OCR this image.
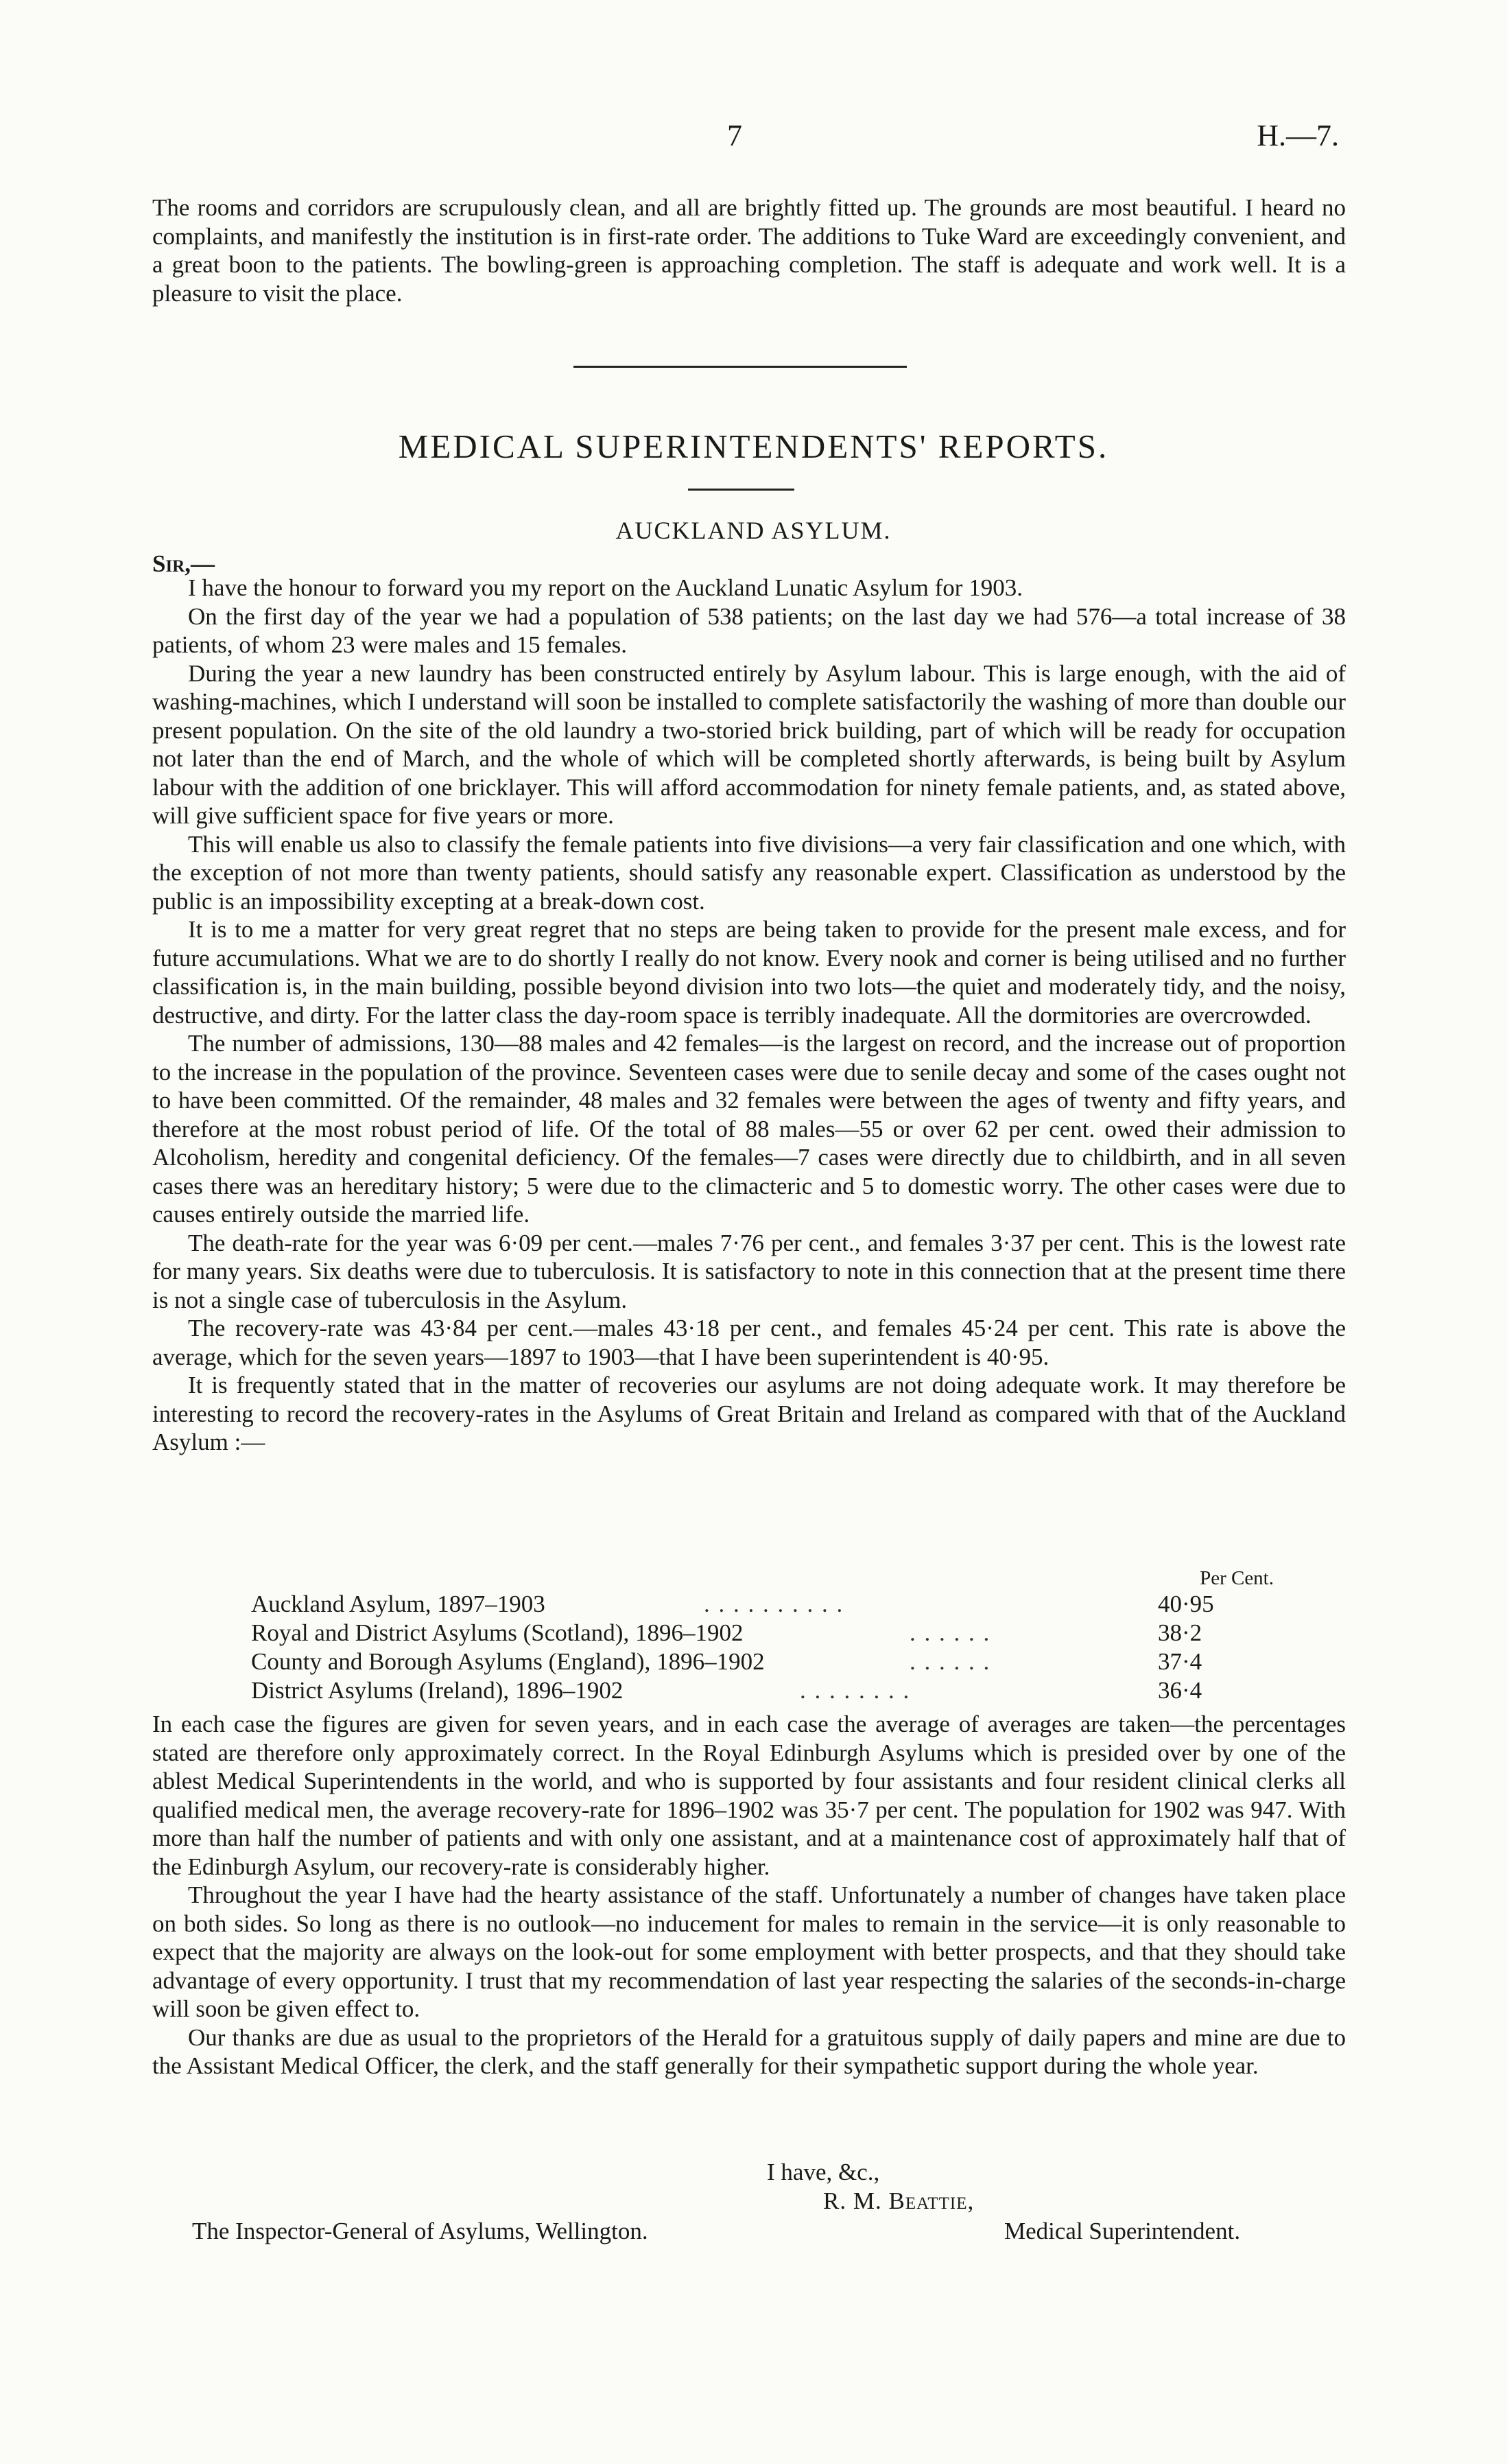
7	H.—7.

The rooms and corridors are scrupulously clean, and all are brightly fitted up. The grounds are most beautiful. I heard no complaints, and manifestly the institution is in first-rate order. The additions to Tuke Ward are exceedingly convenient, and a great boon to the patients. The bowling-green is approaching completion. The staff is adequate and work well. It is a pleasure to visit the place.

MEDICAL SUPERINTENDENTS' REPORTS.
AUCKLAND ASYLUM.
Sir,—

I have the honour to forward you my report on the Auckland Lunatic Asylum for 1903.

On the first day of the year we had a population of 538 patients; on the last day we had 576—a total increase of 38 patients, of whom 23 were males and 15 females.

During the year a new laundry has been constructed entirely by Asylum labour. This is large enough, with the aid of washing-machines, which I understand will soon be installed to complete satisfactorily the washing of more than double our present population. On the site of the old laundry a two-storied brick building, part of which will be ready for occupation not later than the end of March, and the whole of which will be completed shortly afterwards, is being built by Asylum labour with the addition of one bricklayer. This will afford accommodation for ninety female patients, and, as stated above, will give sufficient space for five years or more.

This will enable us also to classify the female patients into five divisions—a very fair classification and one which, with the exception of not more than twenty patients, should satisfy any reasonable expert. Classification as understood by the public is an impossibility excepting at a break-down cost.

It is to me a matter for very great regret that no steps are being taken to provide for the present male excess, and for future accumulations. What we are to do shortly I really do not know. Every nook and corner is being utilised and no further classification is, in the main building, possible beyond division into two lots—the quiet and moderately tidy, and the noisy, destructive, and dirty. For the latter class the day-room space is terribly inadequate. All the dormitories are overcrowded.

The number of admissions, 130—88 males and 42 females—is the largest on record, and the increase out of proportion to the increase in the population of the province. Seventeen cases were due to senile decay and some of the cases ought not to have been committed. Of the remainder, 48 males and 32 females were between the ages of twenty and fifty years, and therefore at the most robust period of life. Of the total of 88 males—55 or over 62 per cent. owed their admission to Alcoholism, heredity and congenital deficiency. Of the females—7 cases were directly due to childbirth, and in all seven cases there was an hereditary history; 5 were due to the climacteric and 5 to domestic worry. The other cases were due to causes entirely outside the married life.

The death-rate for the year was 6·09 per cent.—males 7·76 per cent., and females 3·37 per cent. This is the lowest rate for many years. Six deaths were due to tuberculosis. It is satisfactory to note in this connection that at the present time there is not a single case of tuberculosis in the Asylum.

The recovery-rate was 43·84 per cent.—males 43·18 per cent., and females 45·24 per cent. This rate is above the average, which for the seven years—1897 to 1903—that I have been superintendent is 40·95.

It is frequently stated that in the matter of recoveries our asylums are not doing adequate work. It may therefore be interesting to record the recovery-rates in the Asylums of Great Britain and Ireland as compared with that of the Auckland Asylum :—

Per Cent.
Auckland Asylum, 1897–1903	. . . . . . . . . .	40·95
Royal and District Asylums (Scotland), 1896–1902	. . . . . .	38·2
County and Borough Asylums (England), 1896–1902	. . . . . .	37·4
District Asylums (Ireland), 1896–1902	. . . . . . . .	36·4

In each case the figures are given for seven years, and in each case the average of averages are taken—the percentages stated are therefore only approximately correct. In the Royal Edinburgh Asylums which is presided over by one of the ablest Medical Superintendents in the world, and who is supported by four assistants and four resident clinical clerks all qualified medical men, the average recovery-rate for 1896–1902 was 35·7 per cent. The population for 1902 was 947. With more than half the number of patients and with only one assistant, and at a maintenance cost of approximately half that of the Edinburgh Asylum, our recovery-rate is considerably higher.

Throughout the year I have had the hearty assistance of the staff. Unfortunately a number of changes have taken place on both sides. So long as there is no outlook—no inducement for males to remain in the service—it is only reasonable to expect that the majority are always on the look-out for some employment with better prospects, and that they should take advantage of every opportunity. I trust that my recommendation of last year respecting the salaries of the seconds-in-charge will soon be given effect to.

Our thanks are due as usual to the proprietors of the Herald for a gratuitous supply of daily papers and mine are due to the Assistant Medical Officer, the clerk, and the staff generally for their sympathetic support during the whole year.

I have, &c.,
R. M. Beattie,
Medical Superintendent.
The Inspector-General of Asylums, Wellington.
